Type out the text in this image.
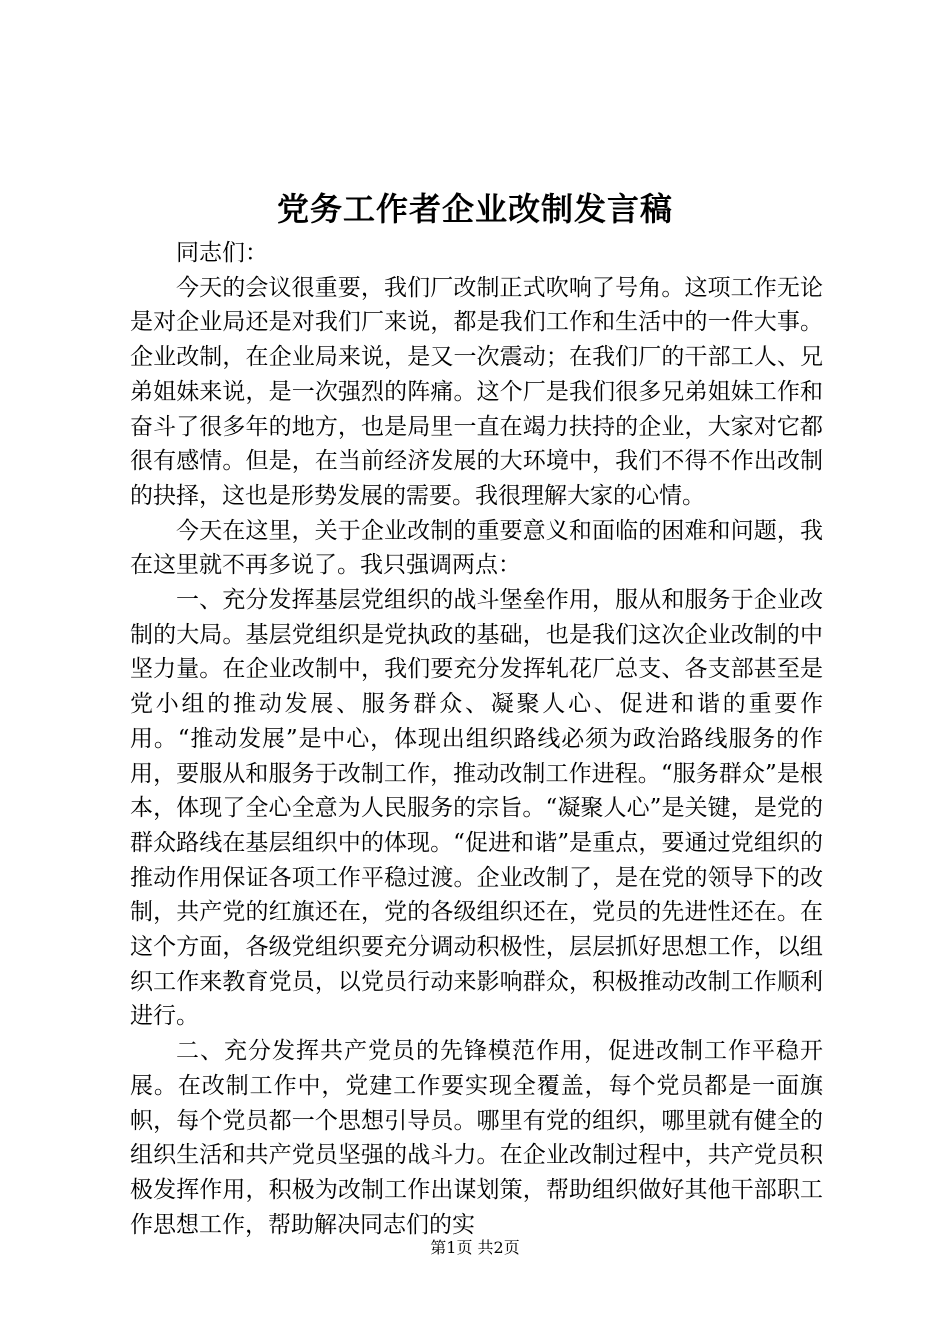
党务工作者企业改制发言稿

同志们：

今天的会议很重要，我们厂改制正式吹响了号角。这项工作无论是对企业局还是对我们厂来说，都是我们工作和生活中的一件大事。企业改制，在企业局来说，是又一次震动；在我们厂的干部工人、兄弟姐妹来说，是一次强烈的阵痛。这个厂是我们很多兄弟姐妹工作和奋斗了很多年的地方，也是局里一直在竭力扶持的企业，大家对它都很有感情。但是，在当前经济发展的大环境中，我们不得不作出改制的抉择，这也是形势发展的需要。我很理解大家的心情。

今天在这里，关于企业改制的重要意义和面临的困难和问题，我在这里就不再多说了。我只强调两点：

一、充分发挥基层党组织的战斗堡垒作用，服从和服务于企业改制的大局。基层党组织是党执政的基础，也是我们这次企业改制的中坚力量。在企业改制中，我们要充分发挥轧花厂总支、各支部甚至是党小组的推动发展、服务群众、凝聚人心、促进和谐的重要作用。“推动发展”是中心，体现出组织路线必须为政治路线服务的作用，要服从和服务于改制工作，推动改制工作进程。“服务群众”是根本，体现了全心全意为人民服务的宗旨。“凝聚人心”是关键，是党的群众路线在基层组织中的体现。“促进和谐”是重点，要通过党组织的推动作用保证各项工作平稳过渡。企业改制了，是在党的领导下的改制，共产党的红旗还在，党的各级组织还在，党员的先进性还在。在这个方面，各级党组织要充分调动积极性，层层抓好思想工作，以组织工作来教育党员，以党员行动来影响群众，积极推动改制工作顺利进行。

二、充分发挥共产党员的先锋模范作用，促进改制工作平稳开展。在改制工作中，党建工作要实现全覆盖，每个党员都是一面旗帜，每个党员都一个思想引导员。哪里有党的组织，哪里就有健全的组织生活和共产党员坚强的战斗力。在企业改制过程中，共产党员积极发挥作用，积极为改制工作出谋划策，帮助组织做好其他干部职工作思想工作，帮助解决同志们的实

第1页 共2页
